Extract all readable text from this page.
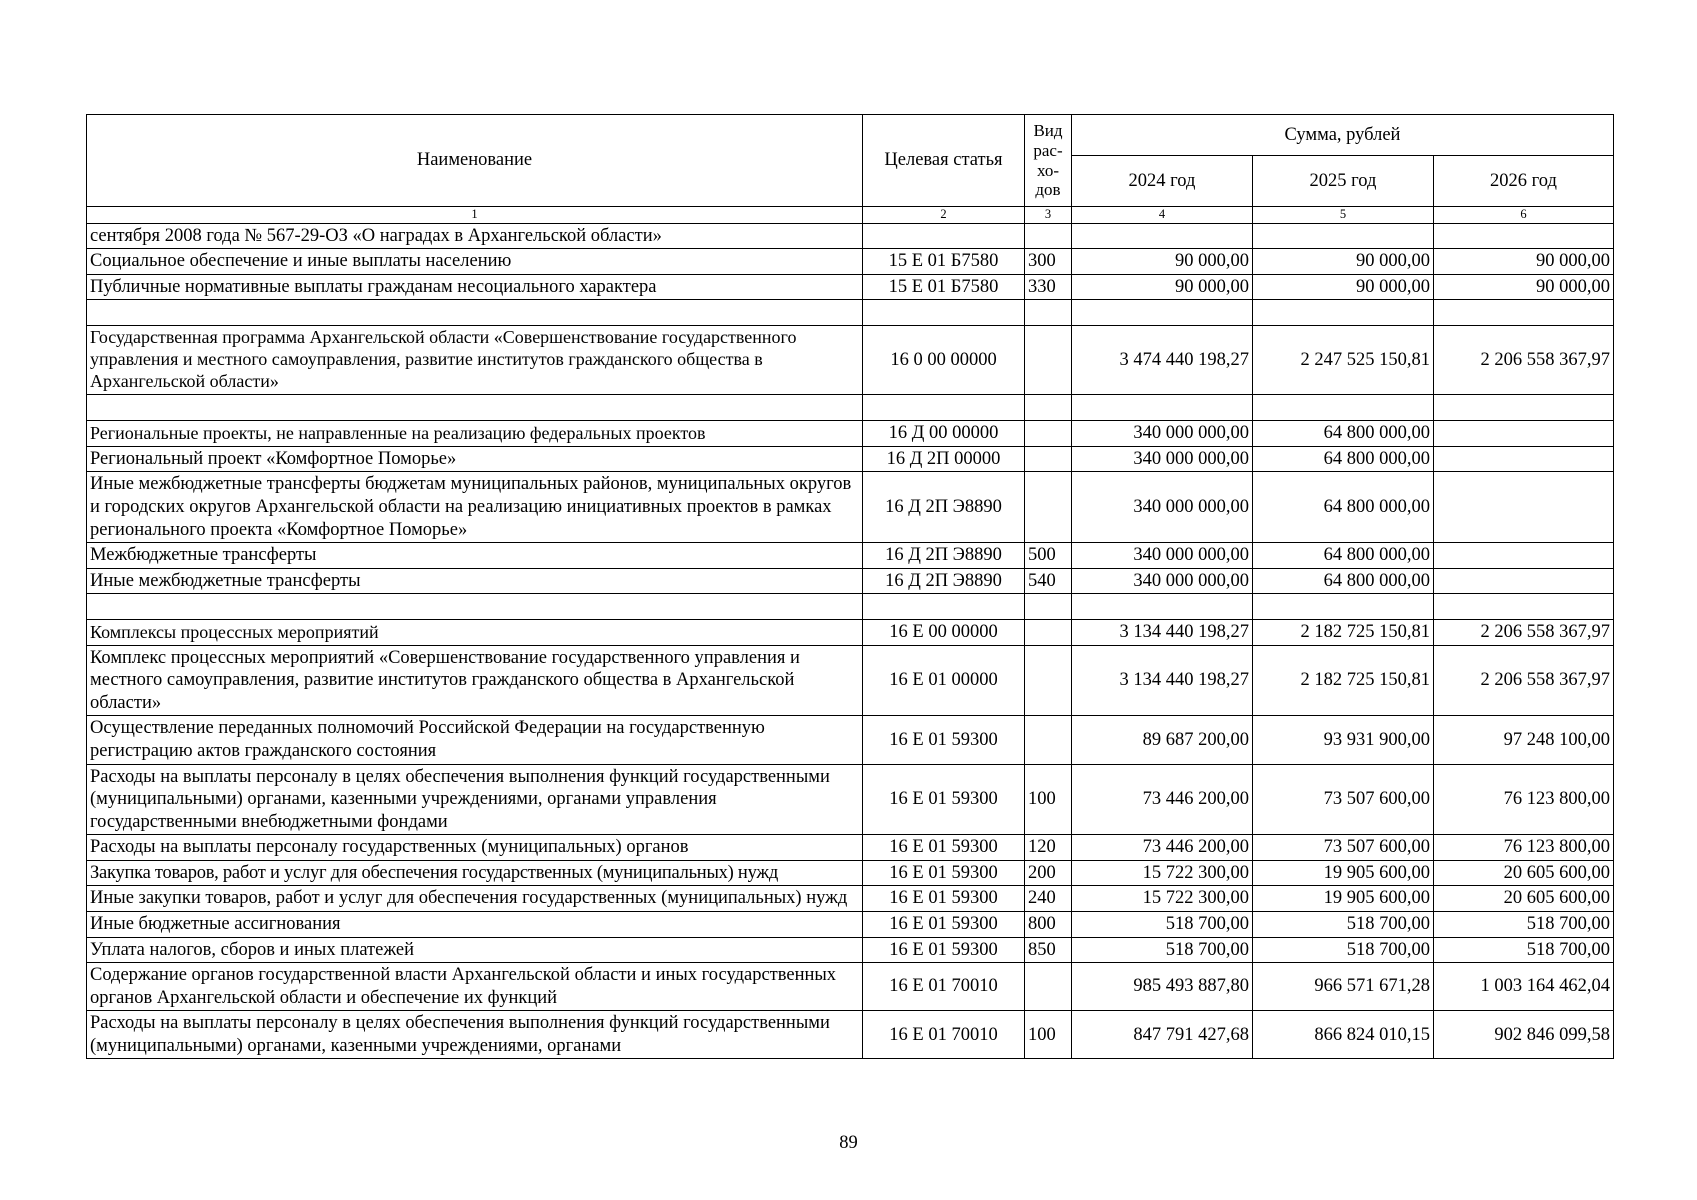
Наименование	Целевая статья	Вид рас-хо-дов	Сумма, рублей		
			2024 год	2025 год	2026 год
1	2	3	4	5	6
сентября 2008 года № 567-29-ОЗ «О наградах в Архангельской области»					
Социальное обеспечение и иные выплаты населению	15 Е 01 Б7580	300	90 000,00	90 000,00	90 000,00
Публичные нормативные выплаты гражданам несоциального характера	15 Е 01 Б7580	330	90 000,00	90 000,00	90 000,00

Государственная программа Архангельской области «Совершенствование государственного управления и местного самоуправления, развитие институтов гражданского общества в Архангельской области»	16 0 00 00000		3 474 440 198,27	2 247 525 150,81	2 206 558 367,97

Региональные проекты, не направленные на реализацию федеральных проектов	16 Д 00 00000		340 000 000,00	64 800 000,00	
Региональный проект «Комфортное Поморье»	16 Д 2П 00000		340 000 000,00	64 800 000,00	
Иные межбюджетные трансферты бюджетам муниципальных районов, муниципальных округов и городских округов Архангельской области на реализацию инициативных проектов в рамках регионального проекта «Комфортное Поморье»	16 Д 2П Э8890		340 000 000,00	64 800 000,00	
Межбюджетные трансферты	16 Д 2П Э8890	500	340 000 000,00	64 800 000,00	
Иные межбюджетные трансферты	16 Д 2П Э8890	540	340 000 000,00	64 800 000,00	

Комплексы процессных мероприятий	16 Е 00 00000		3 134 440 198,27	2 182 725 150,81	2 206 558 367,97
Комплекс процессных мероприятий «Совершенствование государственного управления и местного самоуправления, развитие институтов гражданского общества в Архангельской области»	16 Е 01 00000		3 134 440 198,27	2 182 725 150,81	2 206 558 367,97
Осуществление переданных полномочий Российской Федерации на государственную регистрацию актов гражданского состояния	16 Е 01 59300		89 687 200,00	93 931 900,00	97 248 100,00
Расходы на выплаты персоналу в целях обеспечения выполнения функций государственными (муниципальными) органами, казенными учреждениями, органами управления государственными внебюджетными фондами	16 Е 01 59300	100	73 446 200,00	73 507 600,00	76 123 800,00
Расходы на выплаты персоналу государственных (муниципальных) органов	16 Е 01 59300	120	73 446 200,00	73 507 600,00	76 123 800,00
Закупка товаров, работ и услуг для обеспечения государственных (муниципальных) нужд	16 Е 01 59300	200	15 722 300,00	19 905 600,00	20 605 600,00
Иные закупки товаров, работ и услуг для обеспечения государственных (муниципальных) нужд	16 Е 01 59300	240	15 722 300,00	19 905 600,00	20 605 600,00
Иные бюджетные ассигнования	16 Е 01 59300	800	518 700,00	518 700,00	518 700,00
Уплата налогов, сборов и иных платежей	16 Е 01 59300	850	518 700,00	518 700,00	518 700,00
Содержание органов государственной власти Архангельской области и иных государственных органов Архангельской области и обеспечение их функций	16 Е 01 70010		985 493 887,80	966 571 671,28	1 003 164 462,04
Расходы на выплаты персоналу в целях обеспечения выполнения функций государственными (муниципальными) органами, казенными учреждениями, органами	16 Е 01 70010	100	847 791 427,68	866 824 010,15	902 846 099,58
89
